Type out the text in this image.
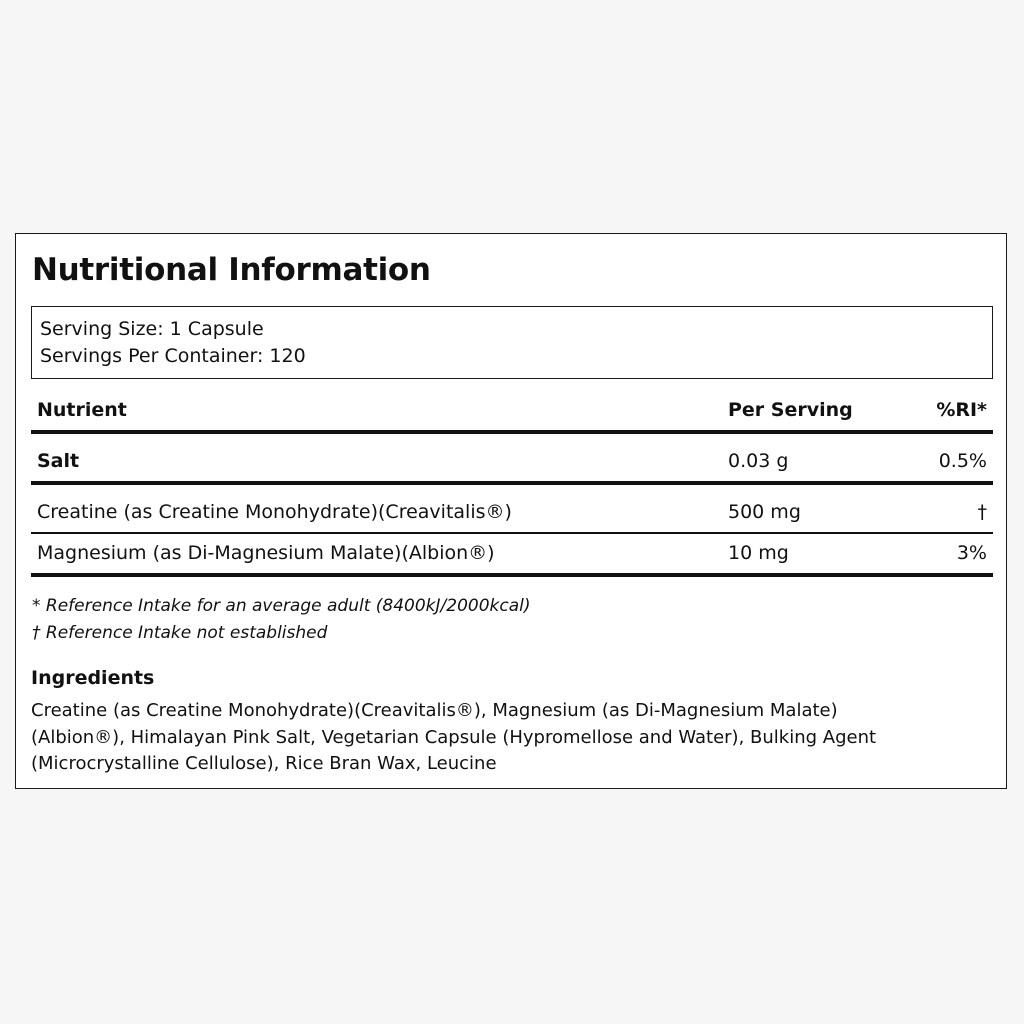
Nutritional Information
Serving Size: 1 Capsule
Servings Per Container: 120
Nutrient	Per Serving	%RI*
Salt	0.03 g	0.5%
Creatine (as Creatine Monohydrate)(Creavitalis®)	500 mg	†
Magnesium (as Di-Magnesium Malate)(Albion®)	10 mg	3%
* Reference Intake for an average adult (8400kJ/2000kcal)
† Reference Intake not established
Ingredients
Creatine (as Creatine Monohydrate)(Creavitalis®), Magnesium (as Di-Magnesium Malate)(Albion®), Himalayan Pink Salt, Vegetarian Capsule (Hypromellose and Water), Bulking Agent (Microcrystalline Cellulose), Rice Bran Wax, Leucine
